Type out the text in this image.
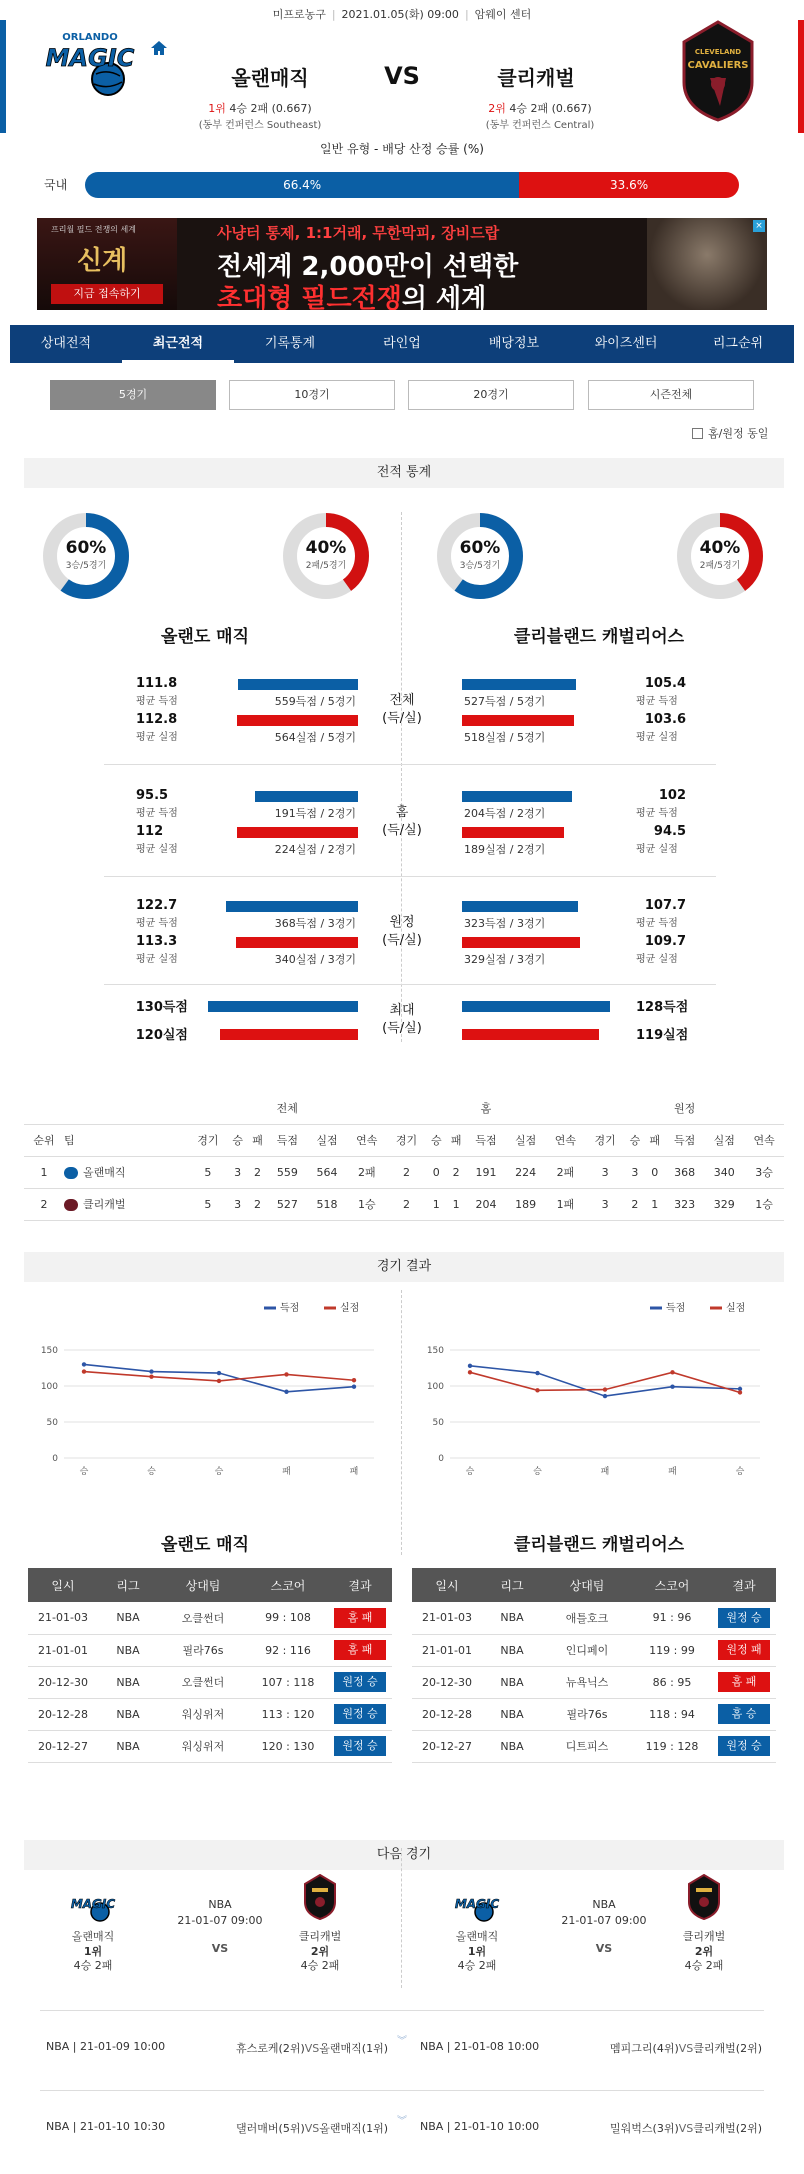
미프로농구 | 2021.01.05(화) 09:00 | 암웨이 센터
ORLANDO
MAGIC
올랜매직	VS	클리캐벌
1위 4승 2패 (0.667)
(동부 컨퍼런스 Southeast)
2위 4승 2패 (0.667)
(동부 컨퍼런스 Central)
CLEVELAND
CAVALIERS
일반 유형 - 배당 산정 승률 (%)
국내	66.4%	33.6%
프리월 필드 전쟁의 세계
신계
지금 접속하기
사냥터 통제, 1:1거래, 무한막피, 장비드랍
전세계 2,000만이 선택한
초대형 필드전쟁의 세계
×
상대전적	최근전적	기록통계	라인업	배당정보	와이즈센터	리그순위
5경기	10경기	20경기	시즌전체
홈/원정 동일
전적 통계
60%
3승/5경기
40%
2패/5경기
60%
3승/5경기
40%
2패/5경기
올랜도 매직	클리블랜드 캐벌리어스
130득점
120실점
최대
(득/실)
128득점
119실점
		전체						홈						원정					
순위	팀	경기	승	패	득점	실점	연속	경기	승	패	득점	실점	연속	경기	승	패	득점	실점	연속
1	올랜매직	5	3	2	559	564	2패	2	0	2	191	224	2패	3	3	0	368	340	3승
2	클리캐벌	5	3	2	527	518	1승	2	1	1	204	189	1패	3	2	1	323	329	1승
경기 결과
0
50
100
150
승	승	승	패	패
득점	실점
0
50
100
150
승	승	패	패	승
득점	실점
올랜도 매직	클리블랜드 캐벌리어스
일시	리그	상대팀	스코어	결과
21-01-03	NBA	오클썬더	99 : 108	홈 패
21-01-01	NBA	필라76s	92 : 116	홈 패
20-12-30	NBA	오클썬더	107 : 118	원정 승
20-12-28	NBA	워싱위저	113 : 120	원정 승
20-12-27	NBA	워싱위저	120 : 130	원정 승
일시	리그	상대팀	스코어	결과
21-01-03	NBA	애틀호크	91 : 96	원정 승
21-01-01	NBA	인디페이	119 : 99	원정 패
20-12-30	NBA	뉴욕닉스	86 : 95	홈 패
20-12-28	NBA	필라76s	118 : 94	홈 승
20-12-27	NBA	디트피스	119 : 128	원정 승
다음 경기
111.8
평균 득점	559득점 / 5경기
112.8
평균 실점	564실점 / 5경기
전체
(득/실)
527득점 / 5경기
105.4
평균 득점
518실점 / 5경기
103.6
평균 실점
95.5
평균 득점	191득점 / 2경기
112
평균 실점	224실점 / 2경기
홈
(득/실)
204득점 / 2경기
102
평균 득점
189실점 / 2경기
94.5
평균 실점
122.7
평균 득점	368득점 / 3경기
113.3
평균 실점	340실점 / 3경기
원정
(득/실)
323득점 / 3경기
107.7
평균 득점
329실점 / 3경기
109.7
평균 실점
MAGIC
올랜매직
1위
4승 2패
NBA
21-01-07 09:00
VS
클리캐벌
2위
4승 2패
MAGIC
올랜매직
1위
4승 2패
NBA
21-01-07 09:00
VS
클리캐벌
2위
4승 2패
NBA | 21-01-09 10:00	휴스로케(2위)VS올랜매직(1위)
︾ NBA | 21-01-08 10:00	멤피그리(4위)VS클리캐벌(2위)
NBA | 21-01-10 10:30	댈러매버(5위)VS올랜매직(1위)
︾ NBA | 21-01-10 10:00	밀워벅스(3위)VS클리캐벌(2위)
